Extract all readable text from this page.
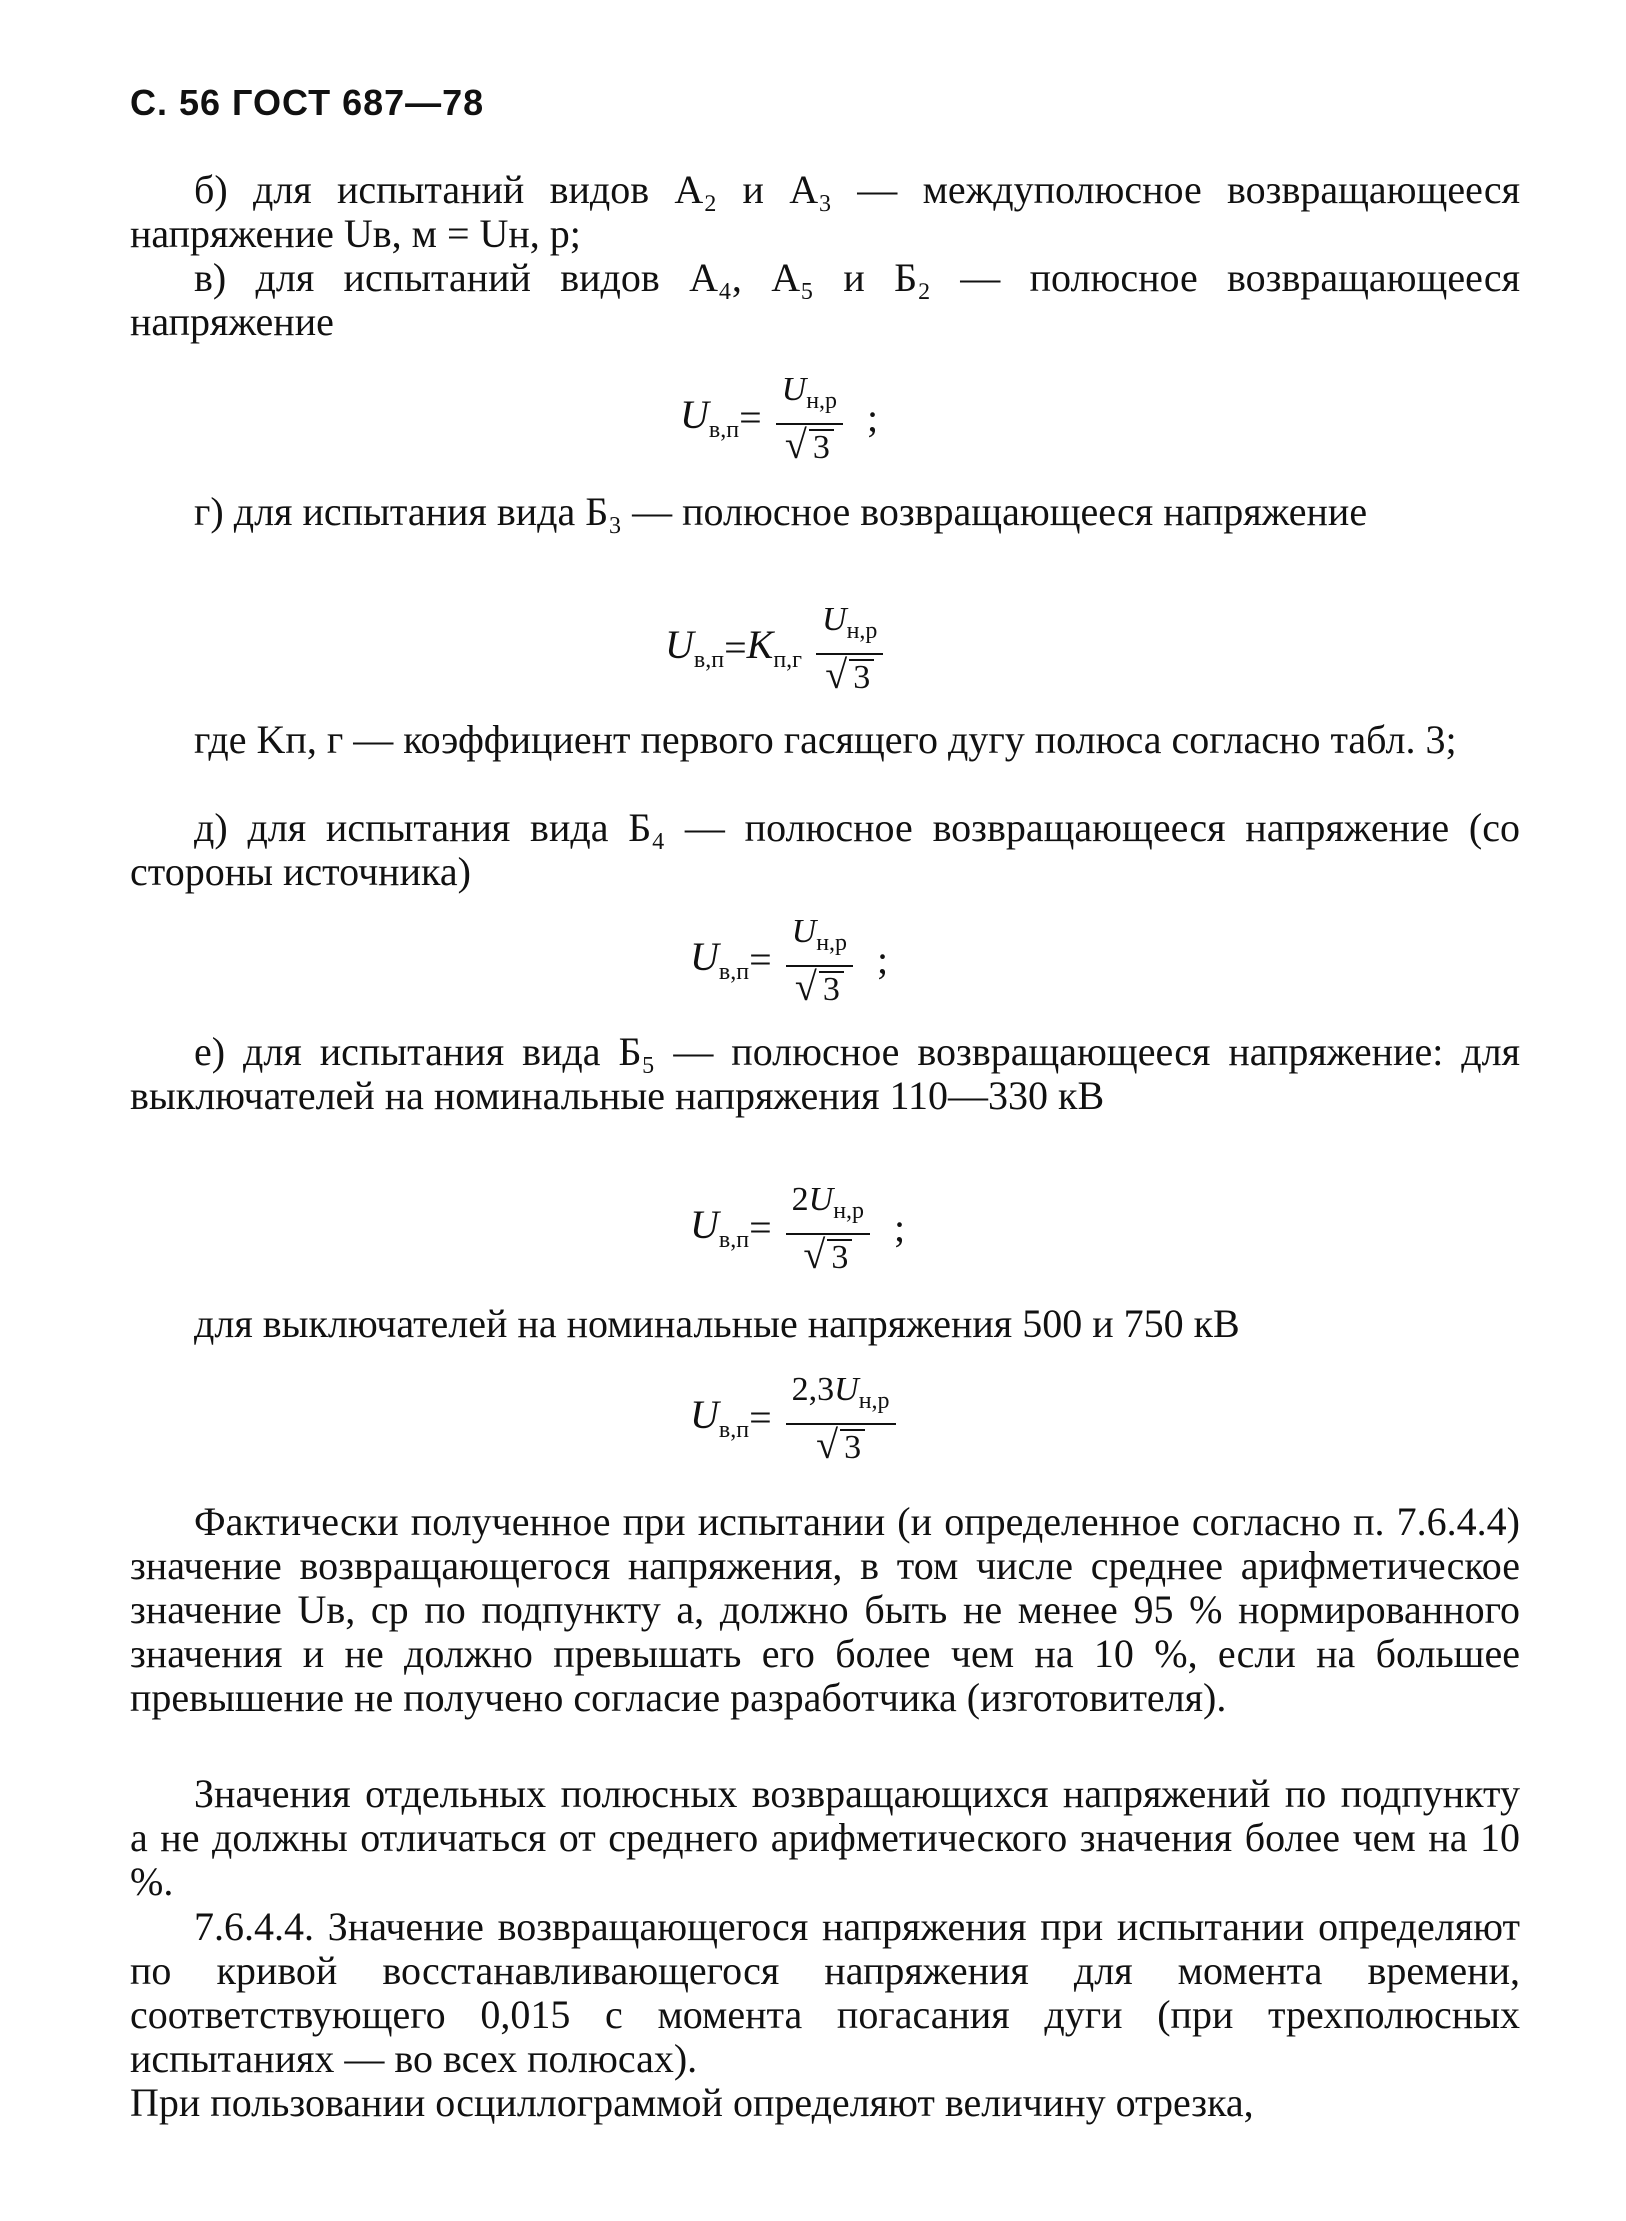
С. 56 ГОСТ 687—78
б) для испытаний видов А₂ и А₃ — междуполюсное возвращающееся напряжение Uв, м = Uн, р;
в) для испытаний видов А₄, А₅ и Б₂ — полюсное возвращающееся напряжение
$U_{в,п} = \frac{U_{н,р}}{√ 3}$ ;
г) для испытания вида Б₃ — полюсное возвращающееся напряжение
$U_{в,п} = K_{п,г} \frac{U_{н,р}}{√ 3}$
где Kп, г — коэффициент первого гасящего дугу полюса согласно табл. 3;
д) для испытания вида Б₄ — полюсное возвращающееся напряжение (со стороны источника)
$U_{в,п} = \frac{U_{н,р}}{√ 3}$ ;
е) для испытания вида Б₅ — полюсное возвращающееся напряжение: для выключателей на номинальные напряжения 110—330 кВ
$U_{в,п} = \frac{2U_{н,р}}{√ 3}$ ;
для выключателей на номинальные напряжения 500 и 750 кВ
$U_{в,п} = \frac{2,3U_{н,р}}{√ 3}$
Фактически полученное при испытании (и определенное согласно п. 7.6.4.4) значение возвращающегося напряжения, в том числе среднее арифметическое значение Uв, ср по подпункту а, должно быть не менее 95 % нормированного значения и не должно превышать его более чем на 10 %, если на большее превышение не получено согласие разработчика (изготовителя).
Значения отдельных полюсных возвращающихся напряжений по подпункту а не должны отличаться от среднего арифметического значения более чем на 10 %.
7.6.4.4. Значение возвращающегося напряжения при испытании определяют по кривой восстанавливающегося напряжения для момента времени, соответствующего 0,015 с момента погасания дуги (при трехполюсных испытаниях — во всех полюсах).
При пользовании осциллограммой определяют величину отрезка,
